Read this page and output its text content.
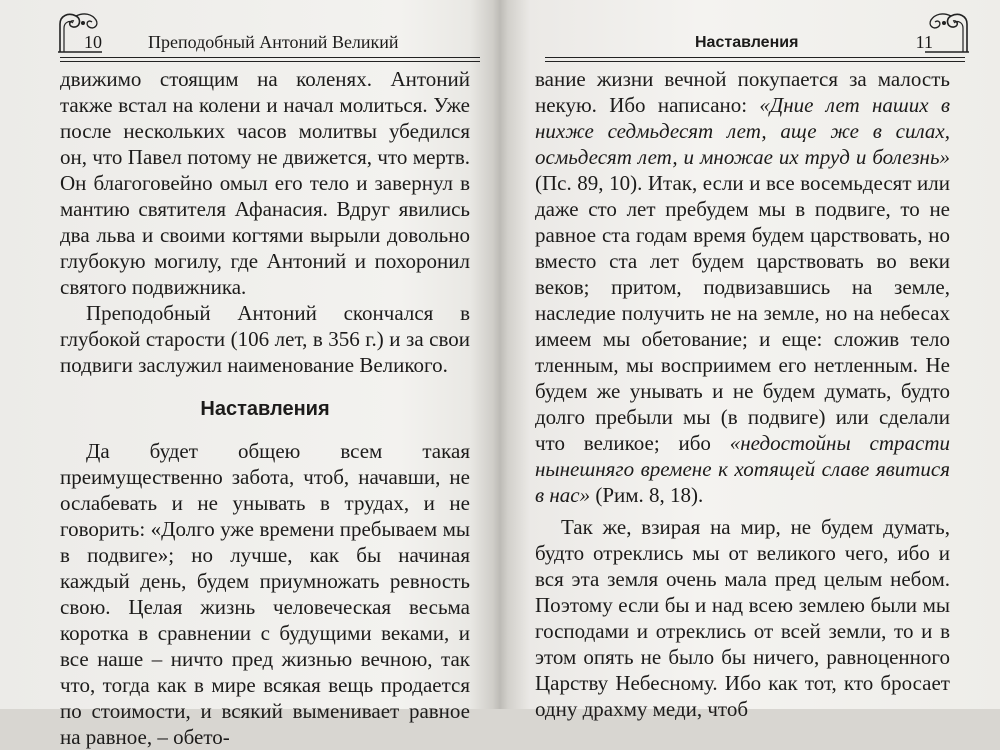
10	Преподобный Антоний Великий

движимо стоящим на коленях. Антоний также встал на колени и начал молиться. Уже после нескольких часов молитвы убедился он, что Павел потому не движется, что мертв. Он благоговейно омыл его тело и завернул в мантию святителя Афанасия. Вдруг явились два льва и своими когтями вырыли довольно глубокую могилу, где Антоний и похоронил святого подвижника.

Преподобный Антоний скончался в глубокой старости (106 лет, в 356 г.) и за свои подвиги заслужил наименование Великого.

Наставления

Да будет общею всем такая преимущественно забота, чтоб, начавши, не ослабевать и не унывать в трудах, и не говорить: «Долго уже времени пребываем мы в подвиге»; но лучше, как бы начиная каждый день, будем приумножать ревность свою. Целая жизнь человеческая весьма коротка в сравнении с будущими веками, и все наше – ничто пред жизнью вечною, так что, тогда как в мире всякая вещь продается по стоимости, и всякий выменивает равное на равное, – обето-

Наставления	11

вание жизни вечной покупается за малость некую. Ибо написано: «Дние лет наших в нихже седмьдесят лет, аще же в силах, осмьдесят лет, и множае их труд и болезнь» (Пс. 89, 10). Итак, если и все восемьдесят или даже сто лет пребудем мы в подвиге, то не равное ста годам время будем царствовать, но вместо ста лет будем царствовать во веки веков; притом, подвизавшись на земле, наследие получить не на земле, но на небесах имеем мы обетование; и еще: сложив тело тленным, мы восприимем его нетленным. Не будем же унывать и не будем думать, будто долго пребыли мы (в подвиге) или сделали что великое; ибо «недостойны страсти нынешняго времене к хотящей славе явитися в нас» (Рим. 8, 18).

Так же, взирая на мир, не будем думать, будто отреклись мы от великого чего, ибо и вся эта земля очень мала пред целым небом. Поэтому если бы и над всею землею были мы господами и отреклись от всей земли, то и в этом опять не было бы ничего, равноценного Царству Небесному. Ибо как тот, кто бросает одну драхму меди, чтоб
